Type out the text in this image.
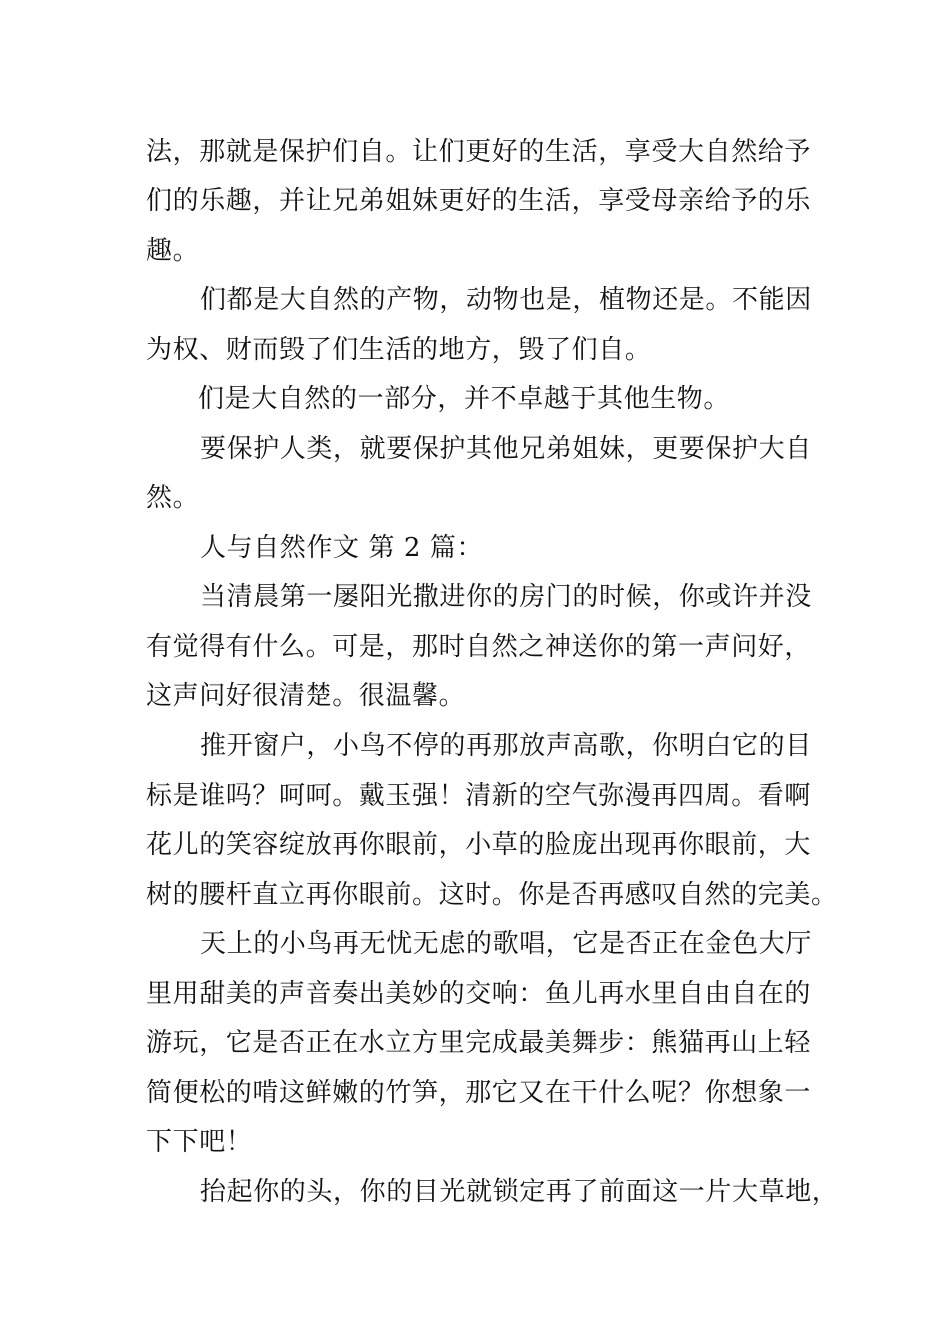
法，那就是保护们自。让们更好的生活，享受大自然给予

们的乐趣，并让兄弟姐妹更好的生活，享受母亲给予的乐

趣。

们都是大自然的产物，动物也是，植物还是。不能因

为权、财而毁了们生活的地方，毁了们自。

们是大自然的一部分，并不卓越于其他生物。

要保护人类，就要保护其他兄弟姐妹，更要保护大自

然。

人与自然作文 第 2 篇：

当清晨第一屡阳光撒进你的房门的时候，你或许并没

有觉得有什么。可是，那时自然之神送你的第一声问好，

这声问好很清楚。很温馨。

推开窗户，小鸟不停的再那放声高歌，你明白它的目

标是谁吗？呵呵。戴玉强！清新的空气弥漫再四周。看啊

花儿的笑容绽放再你眼前，小草的脸庞出现再你眼前，大

树的腰杆直立再你眼前。这时。你是否再感叹自然的完美。

天上的小鸟再无忧无虑的歌唱，它是否正在金色大厅

里用甜美的声音奏出美妙的交响：鱼儿再水里自由自在的

游玩，它是否正在水立方里完成最美舞步：熊猫再山上轻

简便松的啃这鲜嫩的竹笋，那它又在干什么呢？你想象一

下下吧！

抬起你的头，你的目光就锁定再了前面这一片大草地，
